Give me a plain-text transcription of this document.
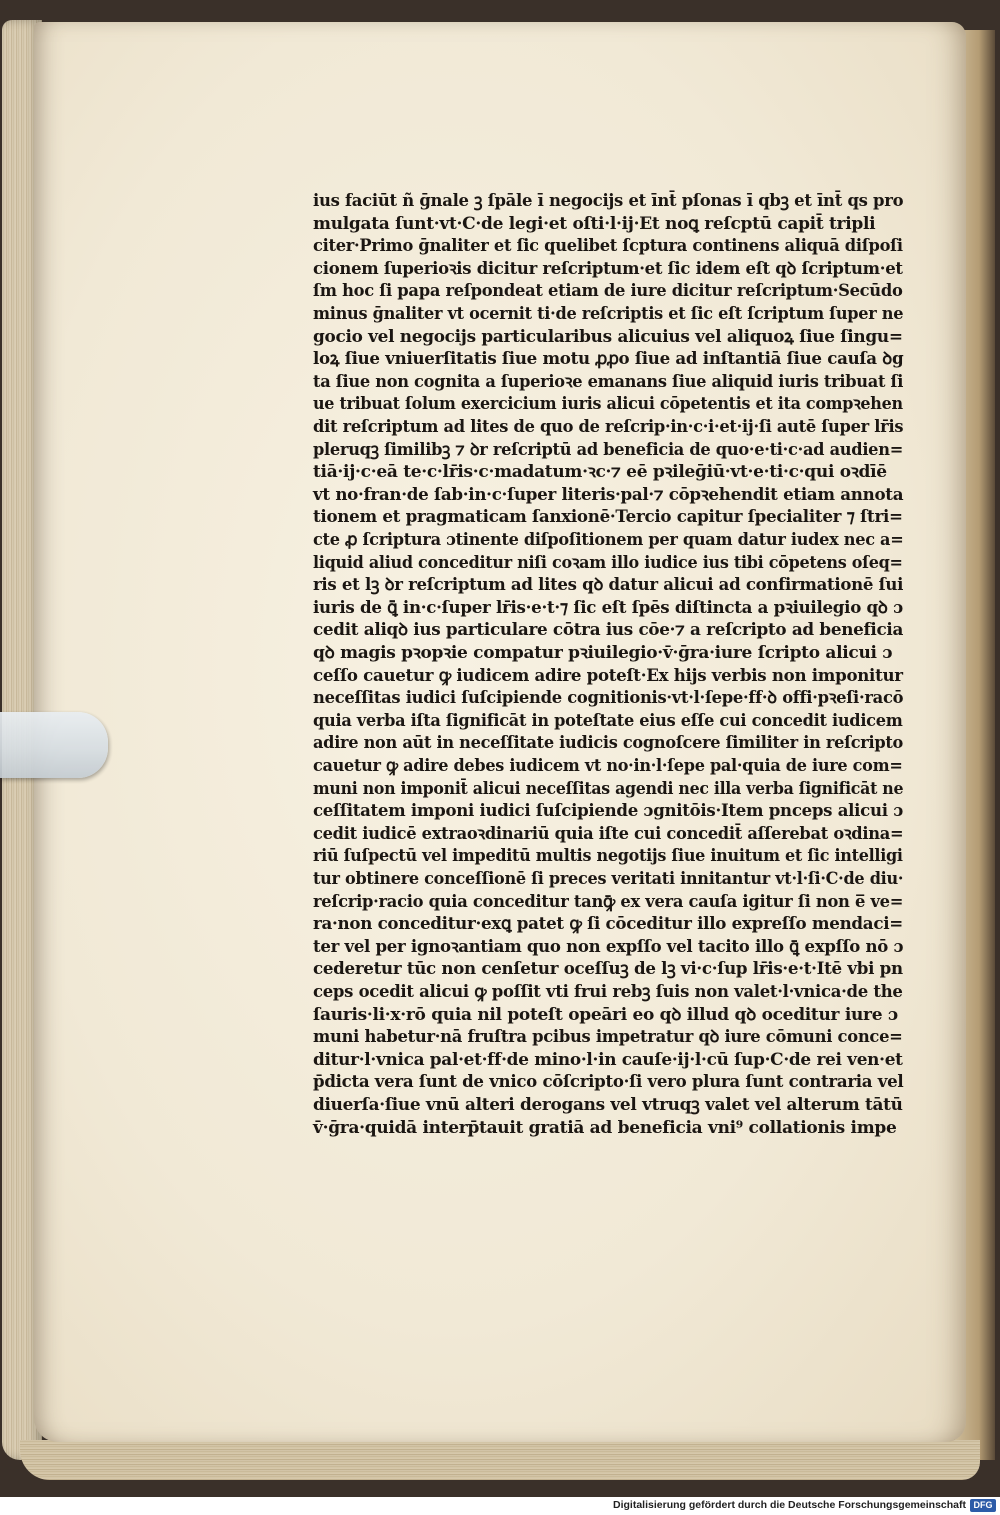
ius faciūt ñ ḡnale ꝫ ſpāle ī negocijs et īnt̄ pſonas ī qbꝫ et īnt̄ qs pro
mulgata ſunt·vt·C·de legi·et oſti·l·ij·Et noꝗ reſcptū capit̄ tripli
citer·Primo ḡnaliter et ſic quelibet ſcptura continens aliquā diſpoſi
cionem ſuperioꝛis dicitur reſcriptum·et ſic idem eſt qꝺ ſcriptum·et
ſm hoc ſi papa reſpondeat etiam de iure dicitur reſcriptum·Secūdo
minus ḡnaliter vt ocernit ti·de reſcriptis et ſic eſt ſcriptum ſuper ne
gocio vel negocijs particularibus alicuius vel aliquoꝝ ſiue ſingu=
loꝝ ſiue vniuerſitatis ſiue motu ꝓꝓo ſiue ad inſtantiā ſiue cauſa ꝺg
ta ſiue non cognita a ſuperioꝛe emanans ſiue aliquid iuris tribuat ſi
ue tribuat ſolum exercicium iuris alicui cōpetentis et ita compꝛehen
dit reſcriptum ad lites de quo de reſcrip·in·c·i·et·ij·ſi autē ſuper lr̄is
pleruqꝫ ſimilibꝫ ⁊ ꝺr reſcriptū ad beneficia de quo·e·ti·c·ad audien=
tiā·ij·c·eā te·c·lr̄is·c·madatum·ꝛc·⁊ eē pꝛileḡiū·vt·e·ti·c·qui oꝛdīē
vt no·fran·de ſab·in·c·ſuper literis·pal·⁊ cōpꝛehendit etiam annota
tionem et pragmaticam ſanxionē·Tercio capitur ſpecialiter ⁊ ſtri=
cte ꝓ ſcriptura ɔtinente diſpoſitionem per quam datur iudex nec a=
liquid aliud conceditur niſi coꝛam illo iudice ius tibi cōpetens oſeq=
ris et lꝫ ꝺr reſcriptum ad lites qꝺ datur alicui ad confirmationē ſui
iuris de ꝗ̄ in·c·ſuper lr̄is·e·t·⁊ ſic eſt ſpēs diſtincta a pꝛiuilegio qꝺ ɔ
cedit aliqꝺ ius particulare cōtra ius cōe·⁊ a reſcripto ad beneficia
qꝺ magis pꝛopꝛie compatur pꝛiuilegio·v̄·ḡra·iure ſcripto alicui ɔ
ceſſo cauetur ꝙ iudicem adire poteſt·Ex hijs verbis non imponitur
neceſſitas iudici ſuſcipiende cognitionis·vt·l·ſepe·ff·ꝺ offi·pꝛeſi·racō
quia verba iſta ſignificāt in poteſtate eius eſſe cui concedit iudicem
adire non aūt in neceſſitate iudicis cognoſcere ſimiliter in reſcripto
cauetur ꝙ adire debes iudicem vt no·in·l·ſepe pal·quia de iure com=
muni non imponit̄ alicui neceſſitas agendi nec illa verba ſignificāt ne
ceſſitatem imponi iudici ſuſcipiende ɔgnitōis·Item pnceps alicui ɔ
cedit iudicē extraoꝛdinariū quia iſte cui concedit̄ aſſerebat oꝛdina=
riū ſuſpectū vel impeditū multis negotijs ſiue inuitum et ſic intelligi
tur obtinere conceſſionē ſi preces veritati innitantur vt·l·ſi·C·de diu·
reſcrip·racio quia conceditur tanꝙ̄ ex vera cauſa igitur ſi non e̅ ve=
ra·non conceditur·exꝗ patet ꝙ ſi cōceditur illo expreſſo mendaci=
ter vel per ignoꝛantiam quo non expſſo vel tacito illo ꝗ̄ expſſo nō ɔ
cederetur tūc non cenſetur oceſſuꝫ de lꝫ vi·c·ſup lr̄is·e·t·Itē vbi pn
ceps ocedit alicui ꝙ poſſit vti frui rebꝫ ſuis non valet·l·vnica·de the
ſauris·li·x·rō quia nil poteſt opeāri eo qꝺ illud qꝺ oceditur iure ɔ
muni habetur·nā fruſtra pcibus impetratur qꝺ iure cōmuni conce=
ditur·l·vnica pal·et·ff·de mino·l·in cauſe·ij·l·cū ſup·C·de rei ven·et
p̄dicta vera ſunt de vnico cōſcripto·ſi vero plura ſunt contraria vel
diuerſa·ſiue vnū alteri derogans vel vtruqꝫ valet vel alterum tātū
v̄·ḡra·quidā interp̄tauit gratiā ad beneficia vni⁹ collationis impe
Digitalisierung gefördert durch die Deutsche Forschungsgemeinschaft DFG
